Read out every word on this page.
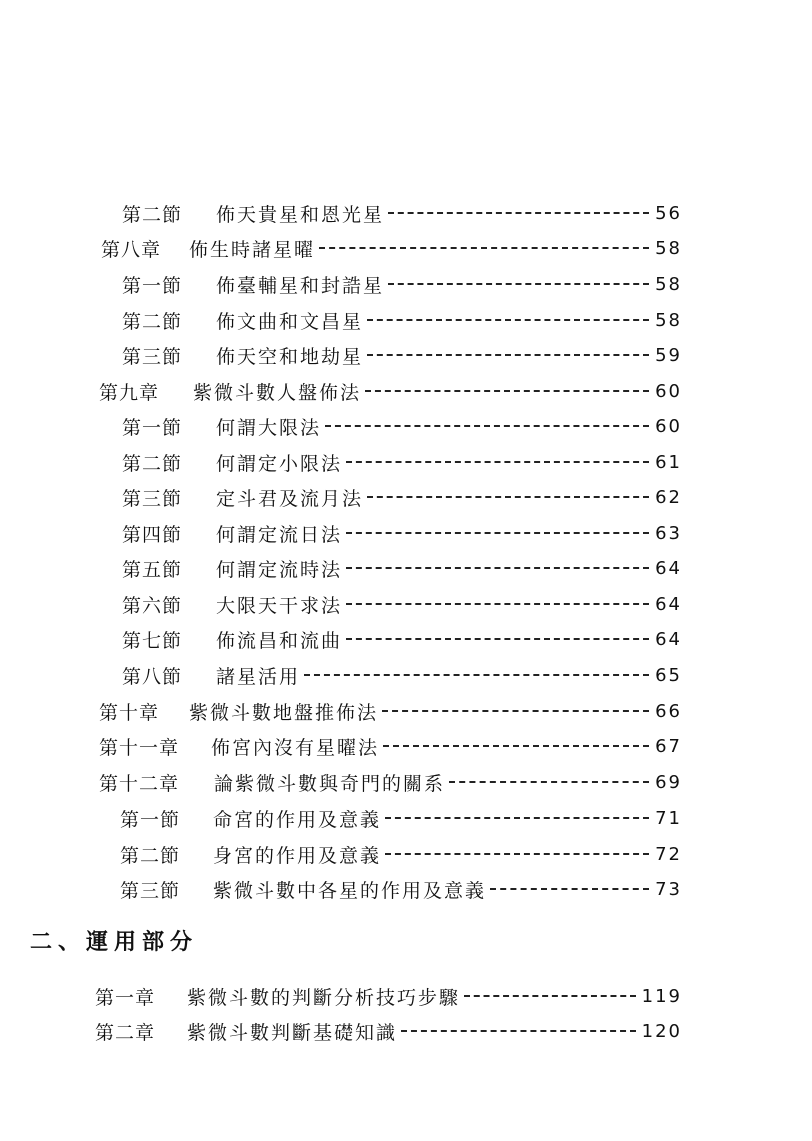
第二節	佈天貴星和恩光星	56
第八章	佈生時諸星曜	58
第一節	佈臺輔星和封誥星	58
第二節	佈文曲和文昌星	58
第三節	佈天空和地劫星	59
第九章	紫微斗數人盤佈法	60
第一節	何謂大限法	60
第二節	何謂定小限法	61
第三節	定斗君及流月法	62
第四節	何謂定流日法	63
第五節	何謂定流時法	64
第六節	大限天干求法	64
第七節	佈流昌和流曲	64
第八節	諸星活用	65
第十章	紫微斗數地盤推佈法	66
第十一章	佈宮內沒有星曜法	67
第十二章	論紫微斗數與奇門的關系	69
第一節	命宮的作用及意義	71
第二節	身宮的作用及意義	72
第三節	紫微斗數中各星的作用及意義	73
二、運用部分
第一章	紫微斗數的判斷分析技巧步驟	119
第二章	紫微斗數判斷基礎知識	120
